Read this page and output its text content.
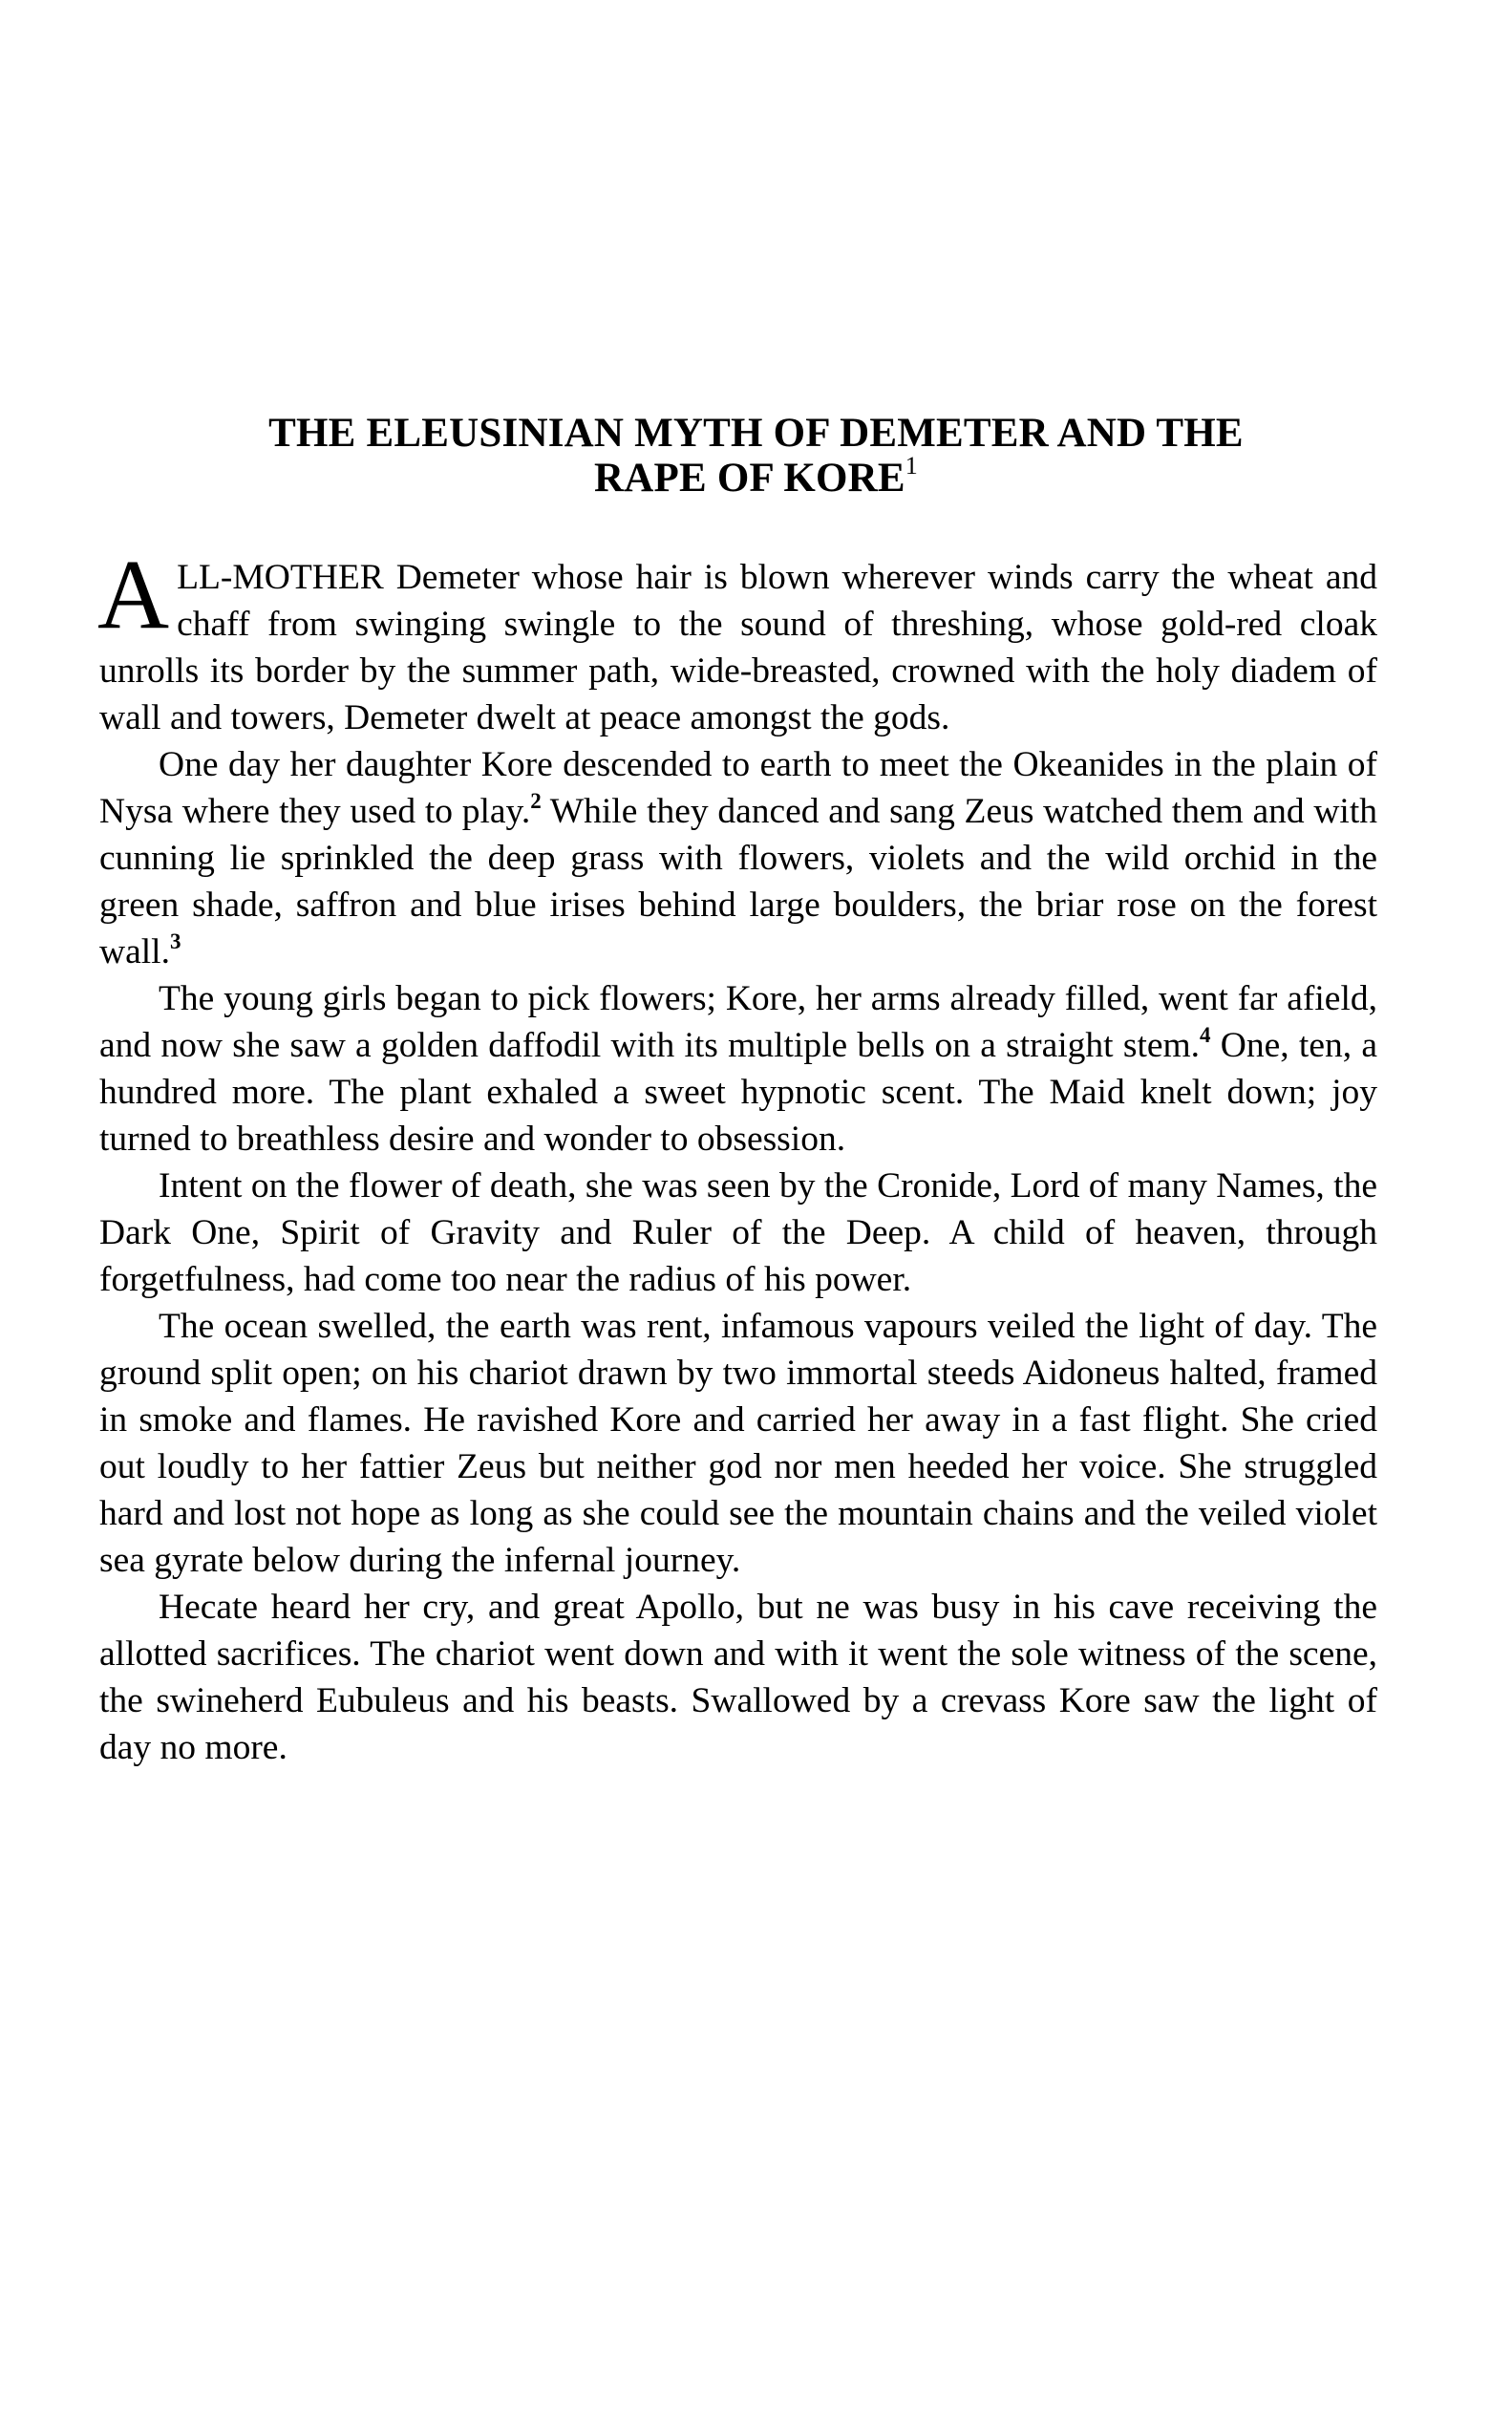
THE ELEUSINIAN MYTH OF DEMETER AND THE
RAPE OF KORE$^1$

ALL-MOTHER Demeter whose hair is blown wherever winds carry the wheat and chaff from swinging swingle to the sound of threshing, whose gold-red cloak unrolls its border by the summer path, wide-breasted, crowned with the holy diadem of wall and towers, Demeter dwelt at peace amongst the gods.

One day her daughter Kore descended to earth to meet the Okeanides in the plain of Nysa where they used to play.$^2$ While they danced and sang Zeus watched them and with cunning lie sprinkled the deep grass with flowers, violets and the wild orchid in the green shade, saffron and blue irises behind large boulders, the briar rose on the forest wall.$^3$

The young girls began to pick flowers; Kore, her arms already filled, went far afield, and now she saw a golden daffodil with its multiple bells on a straight stem.$^4$ One, ten, a hundred more. The plant exhaled a sweet hypnotic scent. The Maid knelt down; joy turned to breathless desire and wonder to obsession.

Intent on the flower of death, she was seen by the Cronide, Lord of many Names, the Dark One, Spirit of Gravity and Ruler of the Deep. A child of heaven, through forgetfulness, had come too near the radius of his power.

The ocean swelled, the earth was rent, infamous vapours veiled the light of day. The ground split open; on his chariot drawn by two immortal steeds Aidoneus halted, framed in smoke and flames. He ravished Kore and carried her away in a fast flight. She cried out loudly to her fattier Zeus but neither god nor men heeded her voice. She struggled hard and lost not hope as long as she could see the mountain chains and the veiled violet sea gyrate below during the infernal journey.

Hecate heard her cry, and great Apollo, but ne was busy in his cave receiving the allotted sacrifices. The chariot went down and with it went the sole witness of the scene, the swineherd Eubuleus and his beasts. Swallowed by a crevass Kore saw the light of day no more.
